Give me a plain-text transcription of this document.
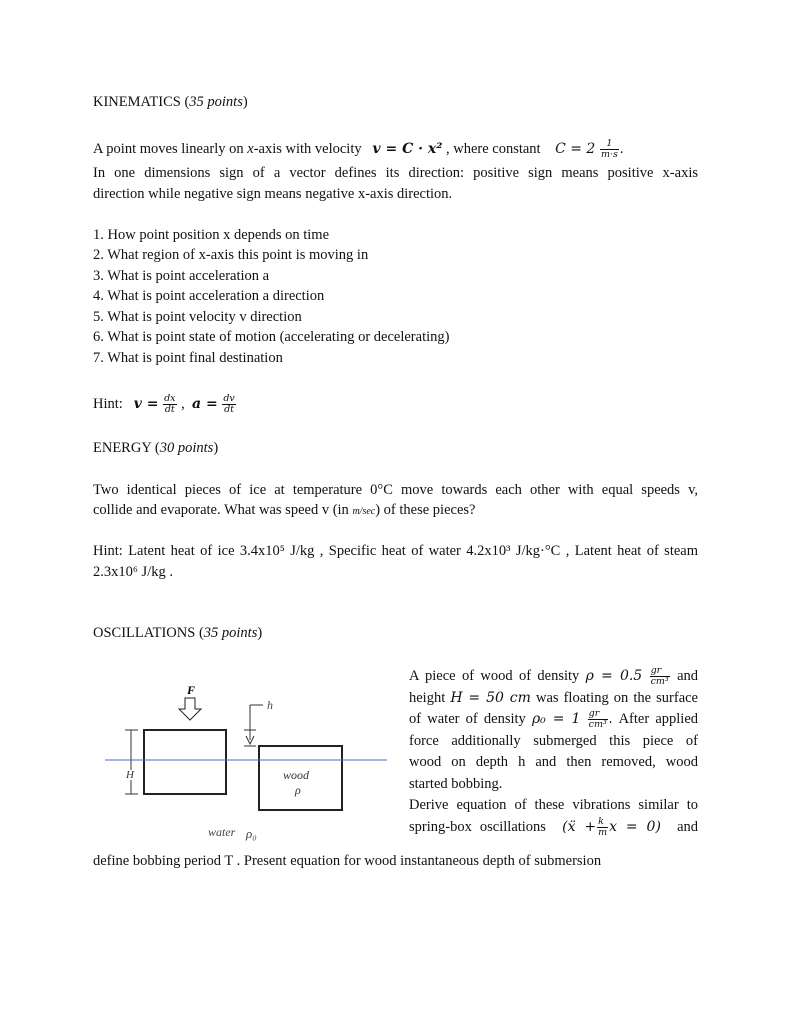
KINEMATICS (35 points)
A point moves linearly on x-axis with velocity v = C · x² , where constant $C = 2 \frac{1}{m\cdot s}$ .
In one dimensions sign of a vector defines its direction: positive sign means positive x-axis
direction while negative sign means negative x-axis direction.
1. How point position x depends on time
2. What region of x-axis this point is moving in
3. What is point acceleration a
4. What is point acceleration a direction
5. What is point velocity v direction
6. What is point state of motion (accelerating or decelerating)
7. What is point final destination
Hint: $v = \frac{dx}{dt}$ ,  $a = \frac{dv}{dt}$
ENERGY (30 points)
Two identical pieces of ice at temperature 0°C move towards each other with equal speeds v,
collide and evaporate. What was speed v (in m/sec) of these pieces?
Hint: Latent heat of ice 3.4x10⁵ J/kg , Specific heat of water 4.2x10³ J/kg·°C , Latent heat of steam
2.3x10⁶ J/kg .
OSCILLATIONS (35 points)
A piece of wood of density $\rho = 0.5 \frac{gr}{\text{cm³}}$ and
height H = 50 cm was floating on the surface
of water of density $\rho_0 = 1 \frac{gr}{\text{cm³}}$ . After applied
force additionally submerged this piece of
wood on depth h and then removed, wood
started bobbing.
Derive equation of these vibrations similar to
spring-box oscillations (ẍ + $\frac{k}{m}$ x = 0) and
define bobbing period T . Present equation for wood instantaneous depth of submersion
F
H
h
wood
ρ
water ρ₀
